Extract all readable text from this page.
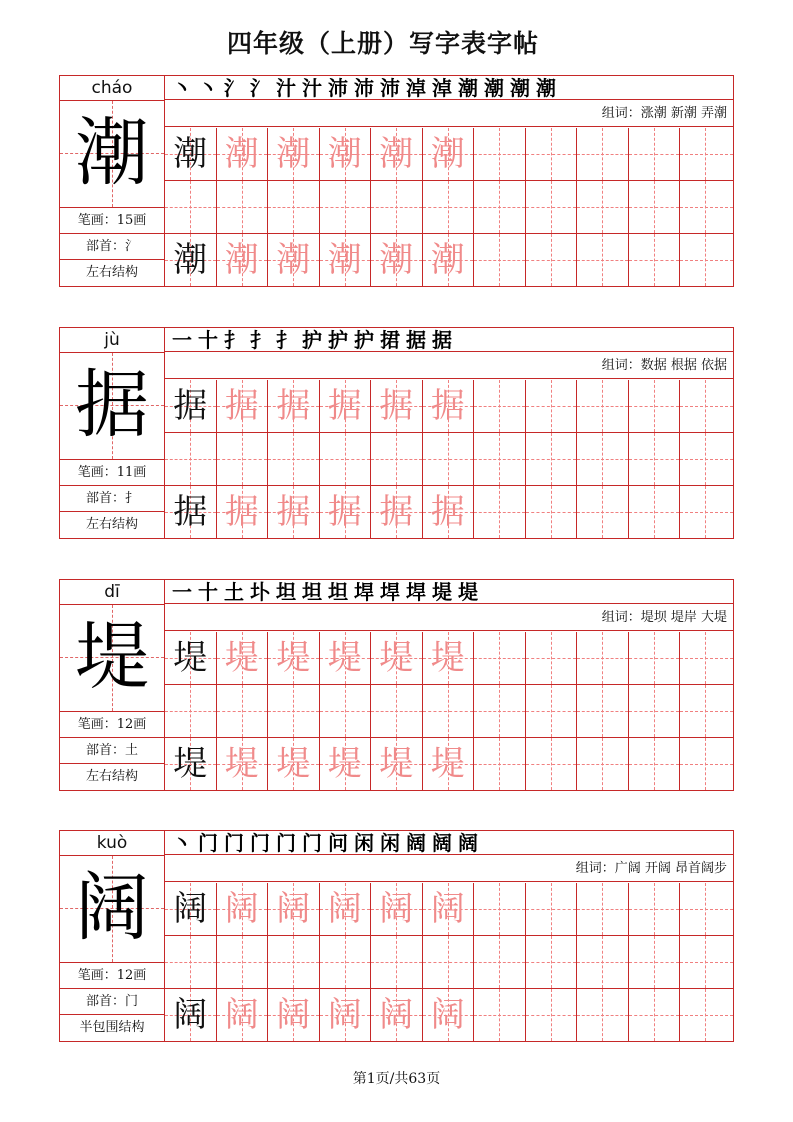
四年级（上册）写字表字帖
cháo
潮
笔画：15画
部首：氵
左右结构
丶 丶 氵 氵 汁 汁 沛 沛 沛 淖 淖 潮 潮 潮 潮
组词：涨潮 新潮 弄潮
潮 潮 潮 潮 潮 潮
潮 潮 潮 潮 潮 潮
jù
据
笔画：11画
部首：扌
左右结构
一 十 扌 扌 扌 护 护 护 捃 据 据
组词：数据 根据 依据
据 据 据 据 据 据
据 据 据 据 据 据
dī
堤
笔画：12画
部首：土
左右结构
一 十 土 圤 坦 坦 坦 垾 垾 垾 堤 堤
组词：堤坝 堤岸 大堤
堤 堤 堤 堤 堤 堤
堤 堤 堤 堤 堤 堤
kuò
阔
笔画：12画
部首：门
半包围结构
丶 门 门 门 门 门 问 闲 闲 阔 阔 阔
组词：广阔 开阔 昂首阔步
阔 阔 阔 阔 阔 阔
阔 阔 阔 阔 阔 阔
第1页/共63页
